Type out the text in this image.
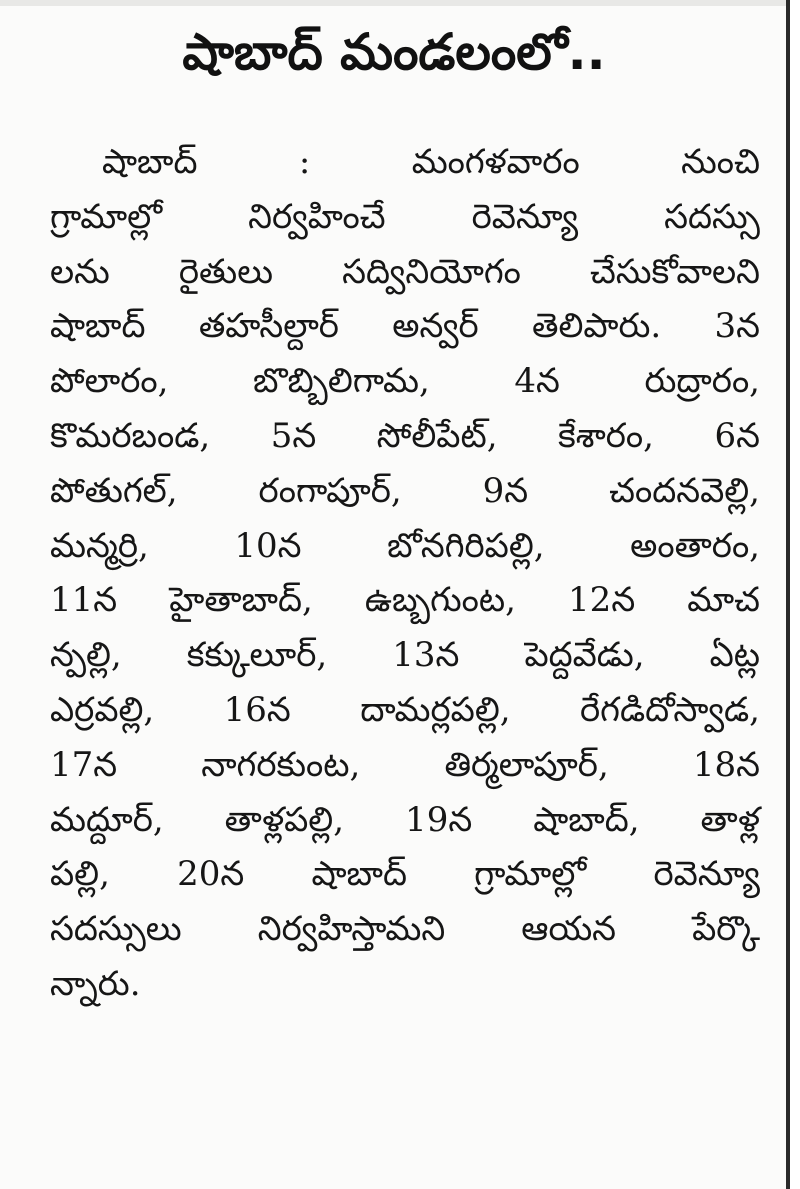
షాబాద్ మండలంలో..
షాబాద్ : మంగళవారం నుంచి
గ్రామాల్లో నిర్వహించే రెవెన్యూ సదస్సు
లను రైతులు సద్వినియోగం చేసుకోవాలని
షాబాద్ తహసీల్దార్ అన్వర్ తెలిపారు. 3న
పోలారం, బొబ్బిలిగామ, 4న రుద్రారం,
కొమరబండ, 5న సోలీపేట్, కేశారం, 6న
పోతుగల్, రంగాపూర్, 9న చందనవెల్లి,
మన్మర్రి, 10న బోనగిరిపల్లి, అంతారం,
11న హైతాబాద్, ఉబ్బగుంట, 12న మాచ
న్పల్లి, కక్కులూర్, 13న పెద్దవేడు, ఏట్ల
ఎర్రవల్లి, 16న దామర్లపల్లి, రేగడిదోస్వాడ,
17న నాగరకుంట, తిర్మలాపూర్, 18న
మద్దూర్, తాళ్లపల్లి, 19న షాబాద్, తాళ్ల
పల్లి, 20న షాబాద్ గ్రామాల్లో రెవెన్యూ
సదస్సులు నిర్వహిస్తామని ఆయన పేర్కొ
న్నారు.
